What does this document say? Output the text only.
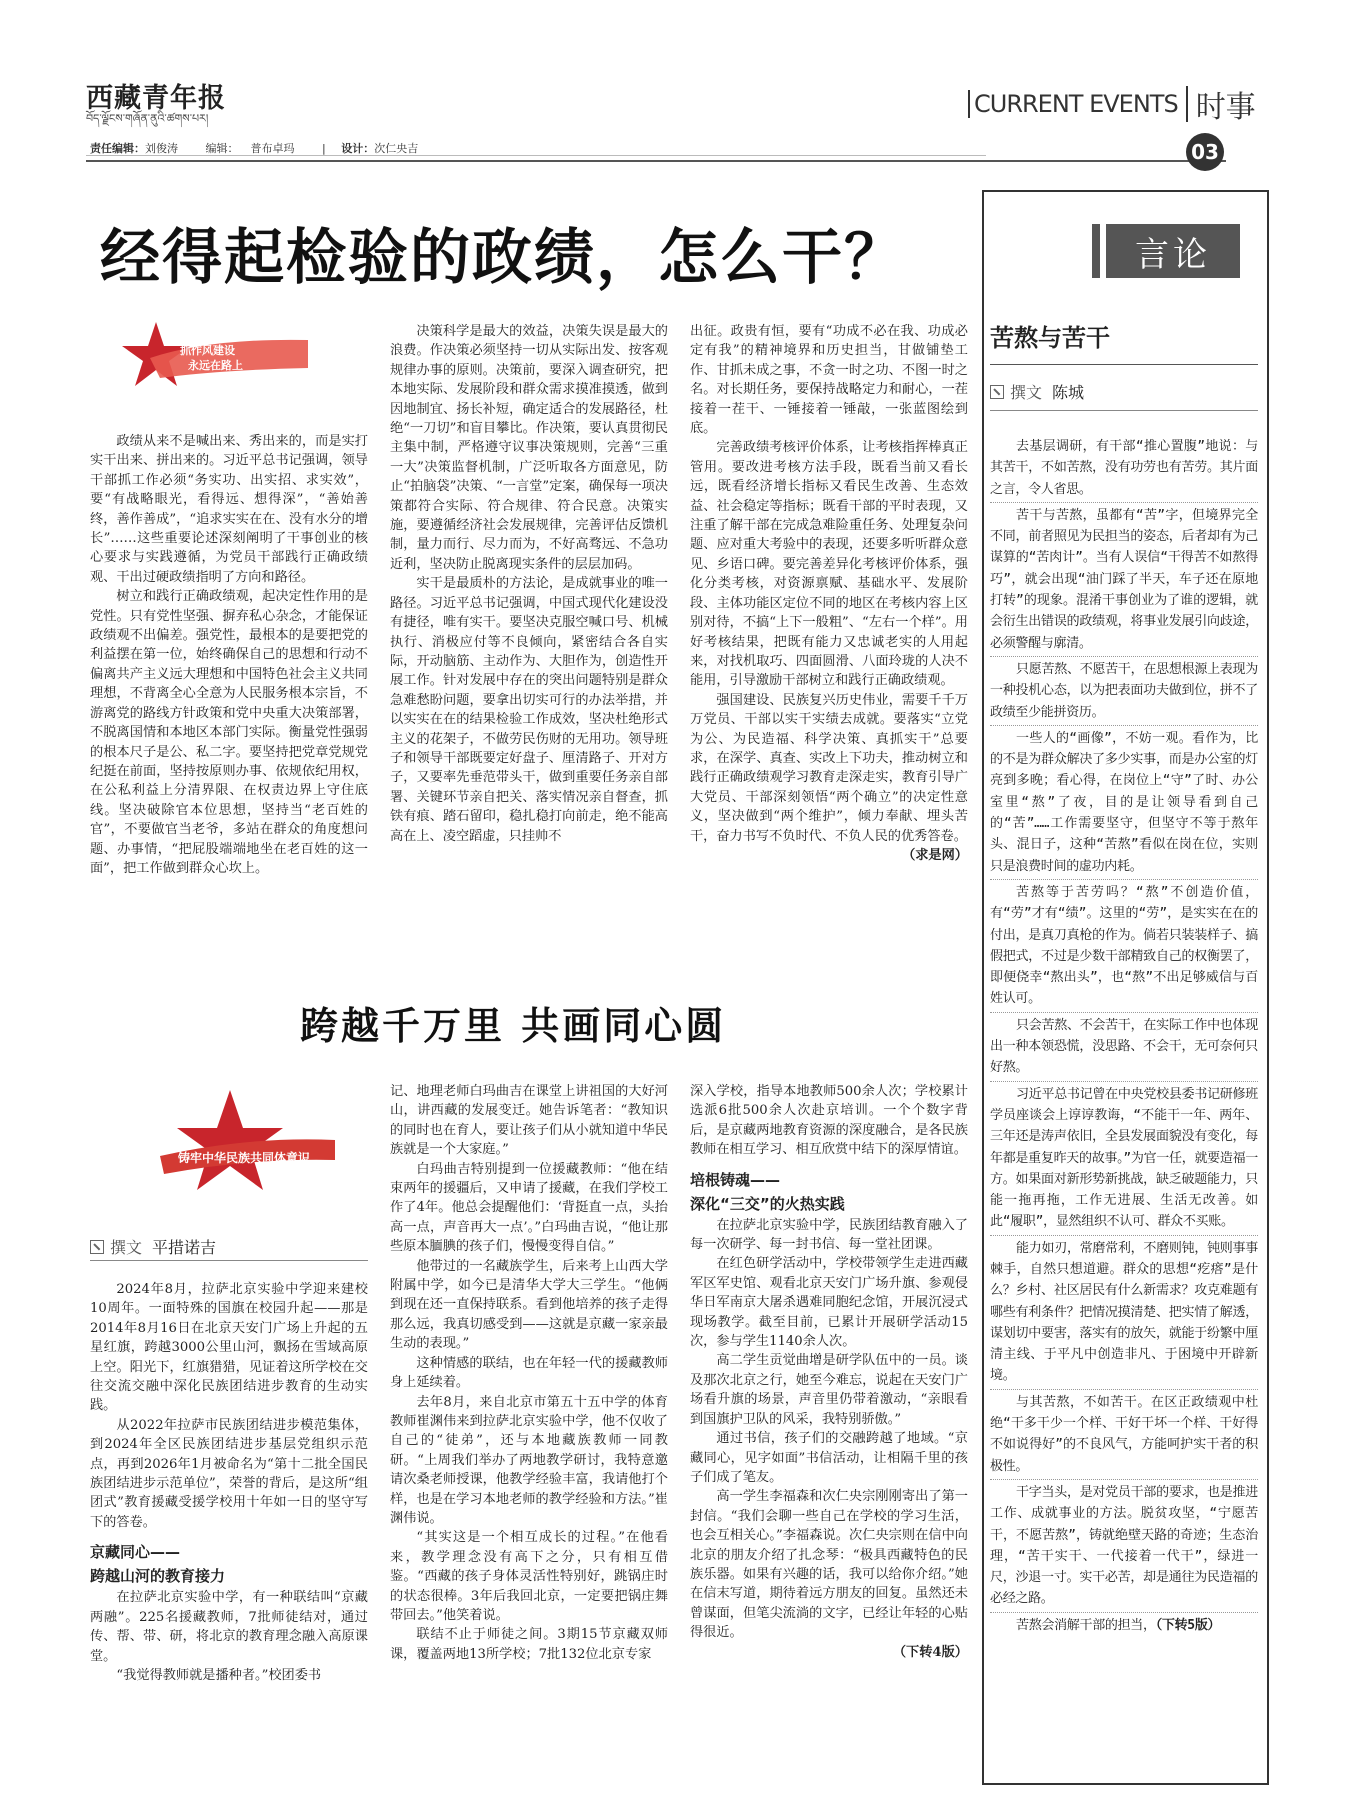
西藏青年报
བོད་ལྗོངས་གཞོན་ནུའི་ཚགས་པར།
责任编辑：刘俊涛	编辑： 普布卓玛	| 设计：次仁央吉
CURRENT EVENTS 时事
03
经得起检验的政绩，怎么干？
抓作风建设
永远在路上

政绩从来不是喊出来、秀出来的，而是实打实干出来、拼出来的。习近平总书记强调，领导干部抓工作必须“务实功、出实招、求实效”，要“有战略眼光，看得远、想得深”，“善始善终，善作善成”，“追求实实在在、没有水分的增长”……这些重要论述深刻阐明了干事创业的核心要求与实践遵循，为党员干部践行正确政绩观、干出过硬政绩指明了方向和路径。

树立和践行正确政绩观，起决定性作用的是党性。只有党性坚强、摒弃私心杂念，才能保证政绩观不出偏差。强党性，最根本的是要把党的利益摆在第一位，始终确保自己的思想和行动不偏离共产主义远大理想和中国特色社会主义共同理想，不背离全心全意为人民服务根本宗旨，不游离党的路线方针政策和党中央重大决策部署，不脱离国情和本地区本部门实际。衡量党性强弱的根本尺子是公、私二字。要坚持把党章党规党纪挺在前面，坚持按原则办事、依规依纪用权，在公私利益上分清界限、在权责边界上守住底线。坚决破除官本位思想，坚持当“老百姓的官”，不要做官当老爷，多站在群众的角度想问题、办事情，“把屁股端端地坐在老百姓的这一面”，把工作做到群众心坎上。

决策科学是最大的效益，决策失误是最大的浪费。作决策必须坚持一切从实际出发、按客观规律办事的原则。决策前，要深入调查研究，把本地实际、发展阶段和群众需求摸准摸透，做到因地制宜、扬长补短，确定适合的发展路径，杜绝“一刀切”和盲目攀比。作决策，要认真贯彻民主集中制，严格遵守议事决策规则，完善“三重一大”决策监督机制，广泛听取各方面意见，防止“拍脑袋”决策、“一言堂”定案，确保每一项决策都符合实际、符合规律、符合民意。决策实施，要遵循经济社会发展规律，完善评估反馈机制，量力而行、尽力而为，不好高骛远、不急功近利，坚决防止脱离现实条件的层层加码。

实干是最质朴的方法论，是成就事业的唯一路径。习近平总书记强调，中国式现代化建设没有捷径，唯有实干。要坚决克服空喊口号、机械执行、消极应付等不良倾向，紧密结合各自实际，开动脑筋、主动作为、大胆作为，创造性开展工作。针对发展中存在的突出问题特别是群众急难愁盼问题，要拿出切实可行的办法举措，并以实实在在的结果检验工作成效，坚决杜绝形式主义的花架子，不做劳民伤财的无用功。领导班子和领导干部既要定好盘子、厘清路子、开对方子，又要率先垂范带头干，做到重要任务亲自部署、关键环节亲自把关、落实情况亲自督查，抓铁有痕、踏石留印，稳扎稳打向前走，绝不能高高在上、凌空蹈虚，只挂帅不

出征。政贵有恒，要有“功成不必在我、功成必定有我”的精神境界和历史担当，甘做铺垫工作、甘抓未成之事，不贪一时之功、不图一时之名。对长期任务，要保持战略定力和耐心，一茬接着一茬干、一锤接着一锤敲，一张蓝图绘到底。

完善政绩考核评价体系，让考核指挥棒真正管用。要改进考核方法手段，既看当前又看长远，既看经济增长指标又看民生改善、生态效益、社会稳定等指标；既看干部的平时表现，又注重了解干部在完成急难险重任务、处理复杂问题、应对重大考验中的表现，还要多听听群众意见、乡语口碑。要完善差异化考核评价体系，强化分类考核，对资源禀赋、基础水平、发展阶段、主体功能区定位不同的地区在考核内容上区别对待，不搞“上下一般粗”、“左右一个样”。用好考核结果，把既有能力又忠诚老实的人用起来，对找机取巧、四面圆滑、八面玲珑的人决不能用，引导激励干部树立和践行正确政绩观。

强国建设、民族复兴历史伟业，需要千千万万党员、干部以实干实绩去成就。要落实“立党为公、为民造福、科学决策、真抓实干”总要求，在深学、真查、实改上下功夫，推动树立和践行正确政绩观学习教育走深走实，教育引导广大党员、干部深刻领悟“两个确立”的决定性意义，坚决做到“两个维护”，倾力奉献、埋头苦干，奋力书写不负时代、不负人民的优秀答卷。

（求是网）

跨越千万里 共画同心圆
铸牢中华民族共同体意识
撰文 平措诺吉

2024年8月，拉萨北京实验中学迎来建校10周年。一面特殊的国旗在校园升起——那是2014年8月16日在北京天安门广场上升起的五星红旗，跨越3000公里山河，飘扬在雪域高原上空。阳光下，红旗猎猎，见证着这所学校在交往交流交融中深化民族团结进步教育的生动实践。

从2022年拉萨市民族团结进步模范集体，到2024年全区民族团结进步基层党组织示范点，再到2026年1月被命名为“第十二批全国民族团结进步示范单位”，荣誉的背后，是这所“组团式”教育援藏受援学校用十年如一日的坚守写下的答卷。

京藏同心——
跨越山河的教育接力

在拉萨北京实验中学，有一种联结叫“京藏两融”。225名援藏教师，7批师徒结对，通过传、帮、带、研，将北京的教育理念融入高原课堂。

“我觉得教师就是播种者。”校团委书

记、地理老师白玛曲吉在课堂上讲祖国的大好河山，讲西藏的发展变迁。她告诉笔者：“教知识的同时也在育人，要让孩子们从小就知道中华民族就是一个大家庭。”

白玛曲吉特别提到一位援藏教师：“他在结束两年的援疆后，又申请了援藏，在我们学校工作了4年。他总会提醒他们：‘背挺直一点，头抬高一点，声音再大一点’。”白玛曲吉说，“他让那些原本腼腆的孩子们，慢慢变得自信。”

他带过的一名藏族学生，后来考上山西大学附属中学，如今已是清华大学大三学生。“他俩到现在还一直保持联系。看到他培养的孩子走得那么远，我真切感受到——这就是京藏一家亲最生动的表现。”

这种情感的联结，也在年轻一代的援藏教师身上延续着。

去年8月，来自北京市第五十五中学的体育教师崔渊伟来到拉萨北京实验中学，他不仅收了自己的“徒弟”，还与本地藏族教师一同教研。“上周我们举办了两地教学研讨，我特意邀请次桑老师授课，他教学经验丰富，我请他打个样，也是在学习本地老师的教学经验和方法。”崔渊伟说。

“其实这是一个相互成长的过程。”在他看来，教学理念没有高下之分，只有相互借鉴。“西藏的孩子身体灵活性特别好，跳锅庄时的状态很棒。3年后我回北京，一定要把锅庄舞带回去。”他笑着说。

联结不止于师徒之间。3期15节京藏双师课，覆盖两地13所学校；7批132位北京专家

深入学校，指导本地教师500余人次；学校累计选派6批500余人次赴京培训。一个个数字背后，是京藏两地教育资源的深度融合，是各民族教师在相互学习、相互欣赏中结下的深厚情谊。

培根铸魂——
深化“三交”的火热实践

在拉萨北京实验中学，民族团结教育融入了每一次研学、每一封书信、每一堂社团课。

在红色研学活动中，学校带领学生走进西藏军区军史馆、观看北京天安门广场升旗、参观侵华日军南京大屠杀遇难同胞纪念馆，开展沉浸式现场教学。截至目前，已累计开展研学活动15次，参与学生1140余人次。

高二学生贡觉曲增是研学队伍中的一员。谈及那次北京之行，她至今难忘，说起在天安门广场看升旗的场景，声音里仍带着激动，“亲眼看到国旗护卫队的风采，我特别骄傲。”

通过书信，孩子们的交融跨越了地域。“京藏同心，见字如面”书信活动，让相隔千里的孩子们成了笔友。

高一学生李福森和次仁央宗刚刚寄出了第一封信。“我们会聊一些自己在学校的学习生活，也会互相关心。”李福森说。次仁央宗则在信中向北京的朋友介绍了扎念琴：“极具西藏特色的民族乐器。如果有兴趣的话，我可以给你介绍。”她在信末写道，期待着远方朋友的回复。虽然还未曾谋面，但笔尖流淌的文字，已经让年轻的心贴得很近。

（下转4版）

言论
苦熬与苦干
撰文 陈城

去基层调研，有干部“推心置腹”地说：与其苦干，不如苦熬，没有功劳也有苦劳。其片面之言，令人省思。

苦干与苦熬，虽都有“苦”字，但境界完全不同，前者照见为民担当的姿态，后者却有为己谋算的“苦肉计”。当有人误信“干得苦不如熬得巧”，就会出现“油门踩了半天，车子还在原地打转”的现象。混淆干事创业为了谁的逻辑，就会衍生出错误的政绩观，将事业发展引向歧途，必须警醒与廓清。

只愿苦熬、不愿苦干，在思想根源上表现为一种投机心态，以为把表面功夫做到位，拼不了政绩至少能拼资历。

一些人的“画像”，不妨一观。看作为，比的不是为群众解决了多少实事，而是办公室的灯亮到多晚；看心得，在岗位上“守”了时、办公室里“熬”了夜，目的是让领导看到自己的“苦”……工作需要坚守，但坚守不等于熬年头、混日子，这种“苦熬”看似在岗在位，实则只是浪费时间的虚功内耗。

苦熬等于苦劳吗？“熬”不创造价值，有“劳”才有“绩”。这里的“劳”，是实实在在的付出，是真刀真枪的作为。倘若只装装样子、搞假把式，不过是少数干部精致自己的权衡罢了，即便侥幸“熬出头”，也“熬”不出足够威信与百姓认可。

只会苦熬、不会苦干，在实际工作中也体现出一种本领恐慌，没思路、不会干，无可奈何只好熬。

习近平总书记曾在中央党校县委书记研修班学员座谈会上谆谆教诲，“不能干一年、两年、三年还是涛声依旧，全县发展面貌没有变化，每年都是重复昨天的故事。”为官一任，就要造福一方。如果面对新形势新挑战，缺乏破题能力，只能一拖再拖，工作无进展、生活无改善。如此“履职”，显然组织不认可、群众不买账。

能力如刃，常磨常利，不磨则钝，钝则事事棘手，自然只想道避。群众的思想“疙瘩”是什么？乡村、社区居民有什么新需求？攻克难题有哪些有利条件？把情况摸清楚、把实情了解透，谋划切中要害，落实有的放矢，就能于纷繁中厘清主线、于平凡中创造非凡、于困境中开辟新境。

与其苦熬，不如苦干。在区正政绩观中杜绝“干多干少一个样、干好干坏一个样、干好得不如说得好”的不良风气，方能呵护实干者的积极性。

干字当头，是对党员干部的要求，也是推进工作、成就事业的方法。脱贫攻坚，“宁愿苦干，不愿苦熬”，铸就绝壁天路的奇迹；生态治理，“苦干实干、一代接着一代干”，绿进一尺，沙退一寸。实干必苦，却是通往为民造福的必经之路。

苦熬会消解干部的担当，（下转5版）
